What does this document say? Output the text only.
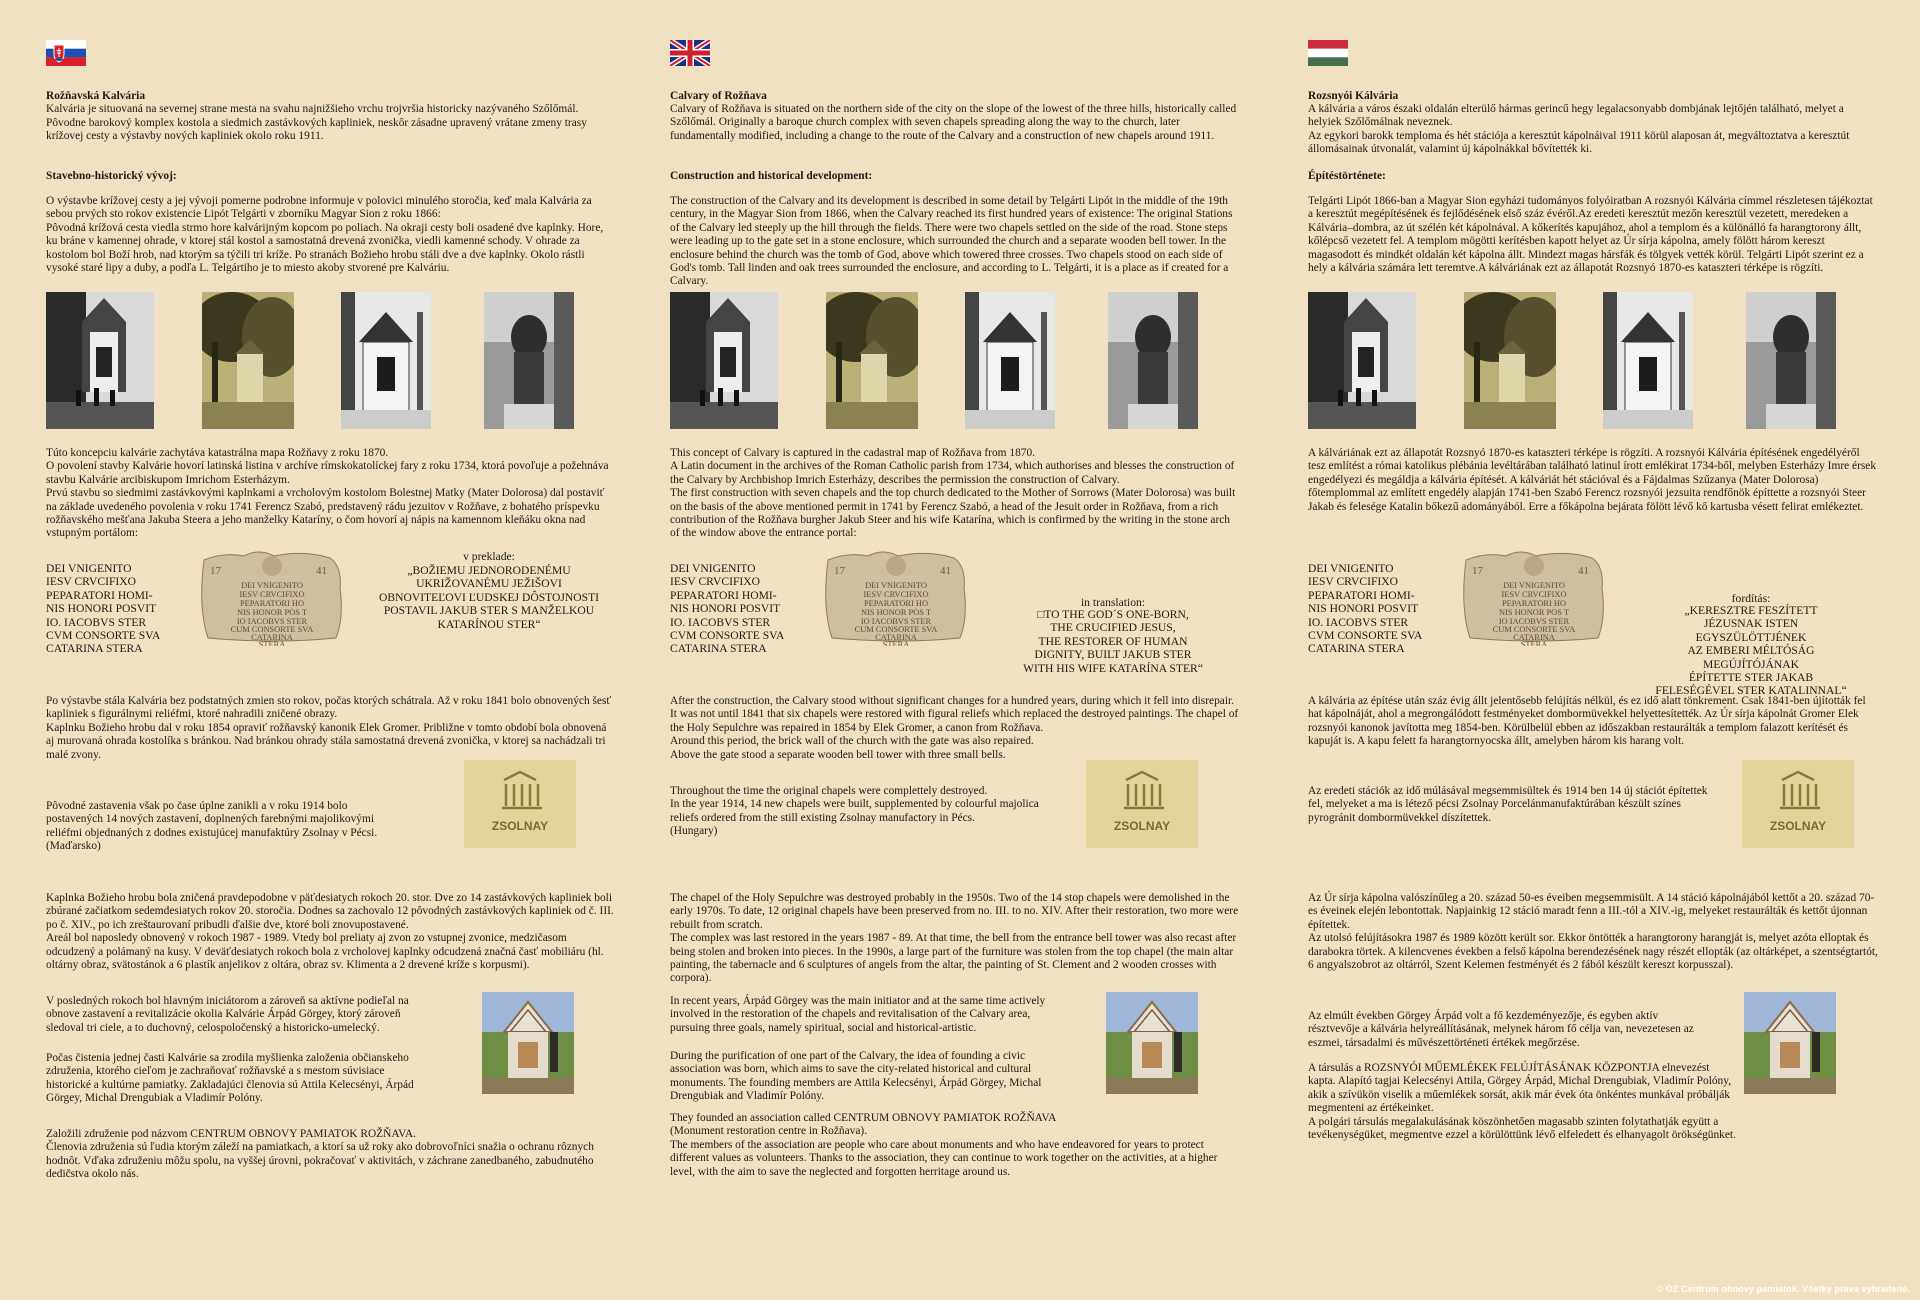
Rožňavská Kalvária
Kalvária je situovaná na severnej strane mesta na svahu najnižšieho vrchu trojvršia historicky nazývaného Szőlőmál.
Pôvodne barokový komplex kostola a siedmich zastávkových kapliniek, neskôr zásadne upravený vrátane zmeny trasy krížovej cesty a výstavby nových kapliniek okolo roku 1911.
Stavebno-historický vývoj:
O výstavbe krížovej cesty a jej vývoji pomerne podrobne informuje v polovici minulého storočia, keď mala Kalvária za sebou prvých sto rokov existencie Lipót Telgárti v zborníku Magyar Sion z roku 1866:
Pôvodná krížová cesta viedla strmo hore kalvárijným kopcom po poliach. Na okraji cesty boli osadené dve kaplnky. Hore, ku bráne v kamennej ohrade, v ktorej stál kostol a samostatná drevená zvonička, viedli kamenné schody. V ohrade za kostolom bol Boží hrob, nad ktorým sa týčili tri kríže. Po stranách Božieho hrobu stáli dve a dve kaplnky. Okolo rástli vysoké staré lipy a duby, a podľa L. Telgártiho je to miesto akoby stvorené pre Kalváriu.
Túto koncepciu kalvárie zachytáva katastrálna mapa Rožňavy z roku 1870.
O povolení stavby Kalvárie hovorí latinská listina v archíve rímskokatolíckej fary z roku 1734, ktorá povoľuje a požehnáva stavbu Kalvárie arcibiskupom Imrichom Esterházym.
Prvú stavbu so siedmimi zastávkovými kaplnkami a vrcholovým kostolom Bolestnej Matky (Mater Dolorosa) dal postaviť na základe uvedeného povolenia v roku 1741 Ferencz Szabó, predstavený rádu jezuitov v Rožňave, z bohatého príspevku rožňavského mešťana Jakuba Steera a jeho manželky Kataríny, o čom hovorí aj nápis na kamennom kleňáku okna nad vstupným portálom:
DEI VNIGENITO
IESV CRVCIFIXO
PEPARATORI HOMI-
NIS HONORI POSVIT
IO. IACOBVS STER
CVM CONSORTE SVA
CATARINA STERA
17	41
DEI VNIGENITO
IESV CRVCIFIXO
PEPARATORI HO
NIS HONOR POS T
IO IACOBVS STER
CUM CONSORTE SVA
CATARINA
STERA
v preklade:
„BOŽIEMU JEDNORODENÉMU
UKRIŽOVANÉMU JEŽIŠOVI
OBNOVITEĽOVI ĽUDSKEJ DÔSTOJNOSTI
POSTAVIL JAKUB STER S MANŽELKOU
KATARÍNOU STER“
Po výstavbe stála Kalvária bez podstatných zmien sto rokov, počas ktorých schátrala. Až v roku 1841 bolo obnovených šesť kapliniek s figurálnymi reliéfmi, ktoré nahradili zničené obrazy.
Kaplnku Božieho hrobu dal v roku 1854 opraviť rožňavský kanonik Elek Gromer. Približne v tomto období bola obnovená aj murovaná ohrada kostolíka s bránkou. Nad bránkou ohrady stála samostatná drevená zvonička, v ktorej sa nachádzali tri malé zvony.
Pôvodné zastavenia však po čase úplne zanikli a v roku 1914 bolo postavených 14 nových zastavení, doplnených farebnými majolikovými reliéfmi objednaných z dodnes existujúcej manufaktúry Zsolnay v Pécsi. (Maďarsko)
ZSOLNAY
Kaplnka Božieho hrobu bola zničená pravdepodobne v päťdesiatych rokoch 20. stor. Dve zo 14 zastávkových kapliniek boli zbúrané začiatkom sedemdesiatych rokov 20. storočia. Dodnes sa zachovalo 12 pôvodných zastávkových kapliniek od č. III. po č. XIV., po ich zreštaurovaní pribudli ďalšie dve, ktoré boli znovupostavené.
Areál bol naposledy obnovený v rokoch 1987 - 1989. Vtedy bol preliaty aj zvon zo vstupnej zvonice, medzičasom odcudzený a polámaný na kusy. V deväťdesiatych rokoch bola z vrcholovej kaplnky odcudzená značná časť mobiliáru (hl. oltárny obraz, svätostánok a 6 plastík anjelikov z oltára, obraz sv. Klimenta a 2 drevené kríže s korpusmi).
V posledných rokoch bol hlavným iniciátorom a zároveň sa aktívne podieľal na obnove zastavení a revitalizácie okolia Kalvárie Árpád Görgey, ktorý zároveň sledoval tri ciele, a to duchovný, celospoločenský a historicko-umelecký.
Počas čistenia jednej časti Kalvárie sa zrodila myšlienka založenia občianskeho združenia, ktorého cieľom je zachraňovať rožňavské a s mestom súvisiace historické a kultúrne pamiatky. Zakladajúci členovia sú Attila Kelecsényi, Árpád Görgey, Michal Drengubiak a Vladimír Polóny.
Založili združenie pod názvom CENTRUM OBNOVY PAMIATOK ROŽŇAVA.
Členovia združenia sú ľudia ktorým záleží na pamiatkach, a ktorí sa už roky ako dobrovoľníci snažia o ochranu rôznych hodnôt. Vďaka združeniu môžu spolu, na vyššej úrovni, pokračovať v aktivitách, v záchrane zanedbaného, zabudnutého dedičstva okolo nás.
Calvary of Rožňava
Calvary of Rožňava is situated on the northern side of the city on the slope of the lowest of the three hills, historically called Szőlőmál. Originally a baroque church complex with seven chapels spreading along the way to the church, later fundamentally modified, including a change to the route of the Calvary and a construction of new chapels around 1911.
Construction and historical development:
The construction of the Calvary and its development is described in some detail by Telgárti Lipót in the middle of the 19th century, in the Magyar Sion from 1866, when the Calvary reached its first hundred years of existence: The original Stations of the Calvary led steeply up the hill through the fields. There were two chapels settled on the side of the road. Stone steps were leading up to the gate set in a stone enclosure, which surrounded the church and a separate wooden bell tower. In the enclosure behind the church was the tomb of God, above which towered three crosses. Two chapels stood on each side of God's tomb. Tall linden and oak trees surrounded the enclosure, and according to L. Telgárti, it is a place as if created for a Calvary.
This concept of Calvary is captured in the cadastral map of Rožňava from 1870.
A Latin document in the archives of the Roman Catholic parish from 1734, which authorises and blesses the construction of the Calvary by Archbishop Imrich Esterházy, describes the permission the construction of Calvary.
The first construction with seven chapels and the top church dedicated to the Mother of Sorrows (Mater Dolorosa) was built on the basis of the above mentioned permit in 1741 by Ferencz Szabó, a head of the Jesuit order in Rožňava, from a rich contribution of the Rožňava burgher Jakub Steer and his wife Katarína, which is confirmed by the writing in the stone arch of the window above the entrance portal:
DEI VNIGENITO
IESV CRVCIFIXO
PEPARATORI HOMI-
NIS HONORI POSVIT
IO. IACOBVS STER
CVM CONSORTE SVA
CATARINA STERA
17	41
DEI VNIGENITO
IESV CRVCIFIXO
PEPARATORI HO
NIS HONOR POS T
IO IACOBVS STER
CUM CONSORTE SVA
CATARINA
STERA
in translation:
□TO THE GOD´S ONE-BORN,
THE CRUCIFIED JESUS,
THE RESTORER OF HUMAN
DIGNITY, BUILT JAKUB STER
WITH HIS WIFE KATARÍNA STER“
After the construction, the Calvary stood without significant changes for a hundred years, during which it fell into disrepair. It was not until 1841 that six chapels were restored with figural reliefs which replaced the destroyed paintings. The chapel of the Holy Sepulchre was repaired in 1854 by Elek Gromer, a canon from Rožňava.
Around this period, the brick wall of the church with the gate was also repaired.
Above the gate stood a separate wooden bell tower with three small bells.
Throughout the time the original chapels were complettely destroyed.
In the year 1914, 14 new chapels were built, supplemented by colourful majolica reliefs ordered from the still existing Zsolnay manufactory in Pécs.
(Hungary)	ZSOLNAY
The chapel of the Holy Sepulchre was destroyed probably in the 1950s. Two of the 14 stop chapels were demolished in the early 1970s. To date, 12 original chapels have been preserved from no. III. to no. XIV. After their restoration, two more were rebuilt from scratch.
The complex was last restored in the years 1987 - 89. At that time, the bell from the entrance bell tower was also recast after being stolen and broken into pieces. In the 1990s, a large part of the furniture was stolen from the top chapel (the main altar painting, the tabernacle and 6 sculptures of angels from the altar, the painting of St. Clement and 2 wooden crosses with corpora).
In recent years, Árpád Görgey was the main initiator and at the same time actively involved in the restoration of the chapels and revitalisation of the Calvary area, pursuing three goals, namely spiritual, social and historical-artistic.
During the purification of one part of the Calvary, the idea of founding a civic association was born, which aims to save the city-related historical and cultural monuments. The founding members are Attila Kelecsényi, Árpád Görgey, Michal Drengubiak and Vladimír Polóny.
They founded an association called CENTRUM OBNOVY PAMIATOK ROŽŇAVA
(Monument restoration centre in Rožňava).
The members of the association are people who care about monuments and who have endeavored for years to protect different values as volunteers. Thanks to the association, they can continue to work together on the activities, at a higher level, with the aim to save the neglected and forgotten herritage around us.
Rozsnyói Kálvária
A kálvária a város északi oldalán elterülő hármas gerincű hegy legalacsonyabb dombjának lejtőjén található, melyet a helyiek Szőlőmálnak neveznek.
Az egykori barokk temploma és hét stációja a keresztút kápolnáival 1911 körül alaposan át, megváltoztatva a keresztút állomásainak útvonalát, valamint új kápolnákkal bővítették ki.
Építéstörténete:
Telgárti Lipót 1866-ban a Magyar Sion egyházi tudományos folyóiratban A rozsnyói Kálvária címmel részletesen tájékoztat a keresztút megépítésének és fejlődésének első száz évéről.Az eredeti keresztút mezőn keresztül vezetett, meredeken a Kálvária–dombra, az út szélén két kápolnával. A kőkerítés kapujához, ahol a templom és a különálló fa harangtorony állt, kőlépcső vezetett fel. A templom mögötti kerítésben kapott helyet az Úr sírja kápolna, amely fölött három kereszt magasodott és mindkét oldalán két kápolna állt. Mindezt magas hársfák és tölgyek vették körül. Telgárti Lipót szerint ez a hely a kálvária számára lett teremtve.A kálváriának ezt az állapotát Rozsnyó 1870-es kataszteri térképe is rögzíti.
A kálváriának ezt az állapotát Rozsnyó 1870-es kataszteri térképe is rögzíti. A rozsnyói Kálvária építésének engedélyéről tesz említést a római katolikus plébánia levéltárában található latinul írott emlékirat 1734-ből, melyben Esterházy Imre érsek engedélyezi és megáldja a kálvária építését. A kálváriát hét stációval és a Fájdalmas Szűzanya (Mater Dolorosa) főtemplommal az említett engedély alapján 1741-ben Szabó Ferencz rozsnyói jezsuita rendfőnök építtette a rozsnyói Steer Jakab és felesége Katalin bőkezű adományából. Erre a főkápolna bejárata fölött lévő kő kartusba vésett felirat emlékeztet.
DEI VNIGENITO
IESV CRVCIFIXO
PEPARATORI HOMI-
NIS HONORI POSVIT
IO. IACOBVS STER
CVM CONSORTE SVA
CATARINA STERA
17	41
DEI VNIGENITO
IESV CRVCIFIXO
PEPARATORI HO
NIS HONOR POS T
IO IACOBVS STER
CUM CONSORTE SVA
CATARINA
STERA
fordítás:
„KERESZTRE FESZÍTETT
JÉZUSNAK ISTEN
EGYSZÜLÖTTJÉNEK
AZ EMBERI MÉLTÓSÁG
MEGÚJÍTÓJÁNAK
ÉPÍTETTE STER JAKAB
FELESÉGÉVEL STER KATALINNAL“
A kálvária az építése után száz évig állt jelentősebb felújítás nélkül, és ez idő alatt tönkrement. Csak 1841-ben újították fel hat kápolnáját, ahol a megrongálódott festményeket dombormüvekkel helyettesítették. Az Úr sírja kápolnát Gromer Elek rozsnyói kanonok javította meg 1854-ben. Körülbelül ebben az időszakban restaurálták a templom falazott kerítését és kapuját is. A kapu felett fa harangtornyocska állt, amelyben három kis harang volt.
Az eredeti stációk az idő múlásával megsemmisültek és 1914 ben 14 új stációt építettek fel, melyeket a ma is létező pécsi Zsolnay Porcelánmanufaktúrában készült színes pyrogránit dombormüvekkel díszítettek.
ZSOLNAY
Az Úr sírja kápolna valószínűleg a 20. század 50-es éveiben megsemmisült. A 14 stáció kápolnájából kettőt a 20. század 70-es éveinek elején lebontottak. Napjainkig 12 stáció maradt fenn a III.-tól a XIV.-ig, melyeket restaurálták és kettőt újonnan építettek.
Az utolsó felújításokra 1987 és 1989 között került sor. Ekkor öntötték a harangtorony harangját is, melyet azóta elloptak és darabokra törtek. A kilencvenes években a felső kápolna berendezésének nagy részét ellopták (az oltárképet, a szentségtartót, 6 angyalszobrot az oltárról, Szent Kelemen festményét és 2 fából készült kereszt korpusszal).
Az elmúlt években Görgey Árpád volt a fő kezdeményezője, és egyben aktív résztvevője a kálvária helyreállításának, melynek három fő célja van, nevezetesen az eszmei, társadalmi és művészettörténeti értékek megőrzése.
A társulás a ROZSNYÓI MŰEMLÉKEK FELÚJÍTÁSÁNAK KÖZPONTJA elnevezést kapta. Alapító tagjai Kelecsényi Attila, Görgey Árpád, Michal Drengubiak, Vladimír Polóny, akik a szívükön viselik a műemlékek sorsát, akik már évek óta önkéntes munkával próbálják megmenteni az értékeinket.
A polgári társulás megalakulásának köszönhetően magasabb szinten folytathatják együtt a tevékenységüket, megmentve ezzel a körülöttünk lévő elfeledett és elhanyagolt örökségünket.
© OZ Centrum obnovy pamiatok. Všetky práva vyhradené.
